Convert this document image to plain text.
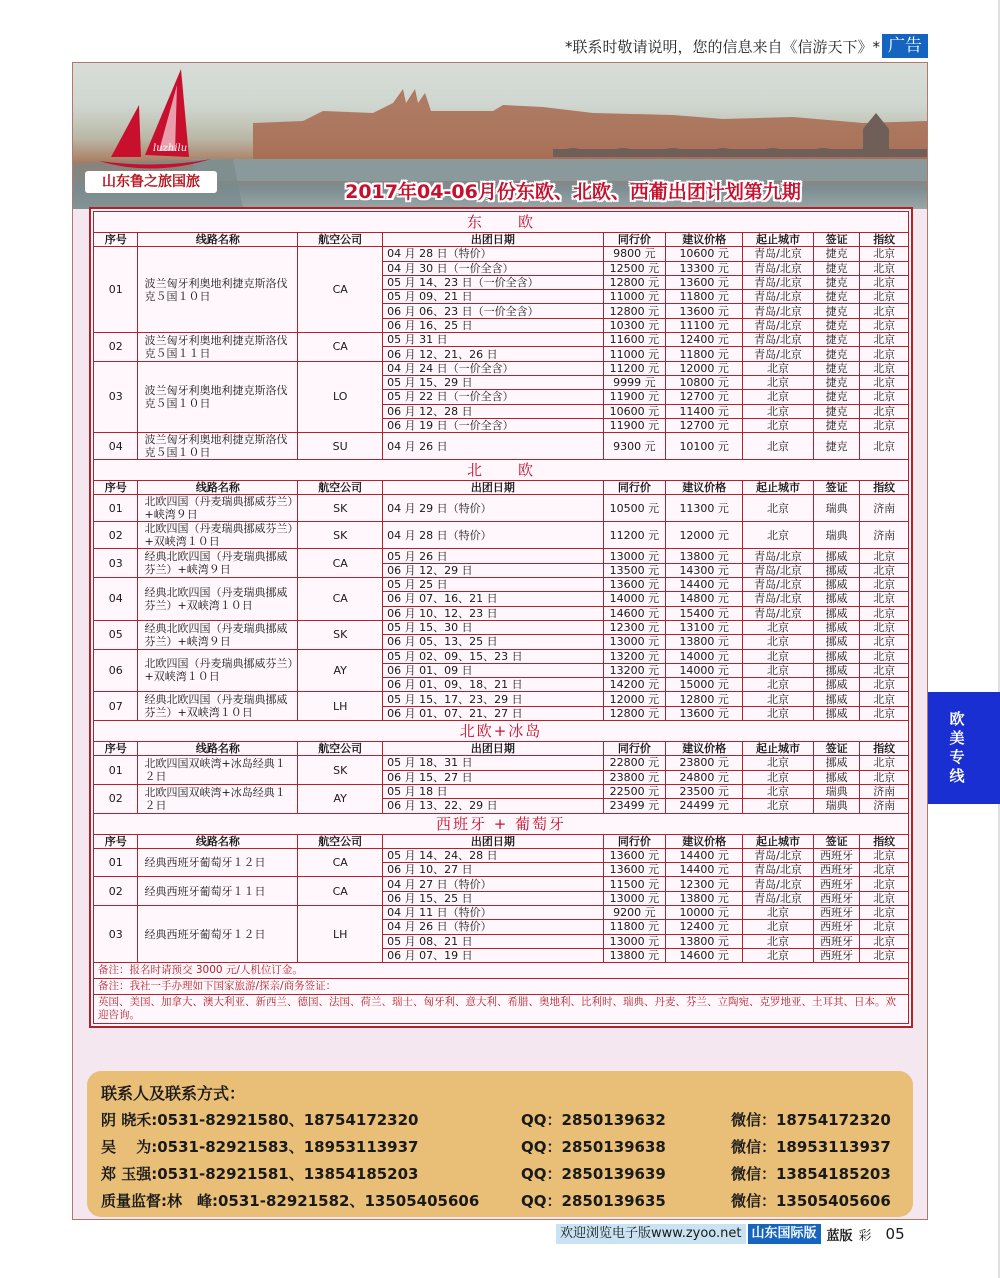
*联系时敬请说明，您的信息来自《信游天下》* 广告
luzhilu
山东鲁之旅国旅	2017年04-06月份东欧、北欧、西葡出团计划第九期
东　　欧								
序号	线路名称	航空公司	出团日期	同行价	建议价格	起止城市	签证	指纹
01	波兰匈牙利奥地利捷克斯洛伐克５国１０日	CA	04 月 28 日（特价）	9800 元	10600 元	青岛/北京	捷克	北京
			04 月 30 日（一价全含）	12500 元	13300 元	青岛/北京	捷克	北京
			05 月 14、23 日（一价全含）	12800 元	13600 元	青岛/北京	捷克	北京
			05 月 09、21 日	11000 元	11800 元	青岛/北京	捷克	北京
			06 月 06、23 日（一价全含）	12800 元	13600 元	青岛/北京	捷克	北京
			06 月 16、25 日	10300 元	11100 元	青岛/北京	捷克	北京
02	波兰匈牙利奥地利捷克斯洛伐克５国１１日	CA	05 月 31 日	11600 元	12400 元	青岛/北京	捷克	北京
			06 月 12、21、26 日	11000 元	11800 元	青岛/北京	捷克	北京
03	波兰匈牙利奥地利捷克斯洛伐克５国１０日	LO	04 月 24 日（一价全含）	11200 元	12000 元	北京	捷克	北京
			05 月 15、29 日	9999 元	10800 元	北京	捷克	北京
			05 月 22 日（一价全含）	11900 元	12700 元	北京	捷克	北京
			06 月 12、28 日	10600 元	11400 元	北京	捷克	北京
			06 月 19 日（一价全含）	11900 元	12700 元	北京	捷克	北京
04	波兰匈牙利奥地利捷克斯洛伐克５国１０日	SU	04 月 26 日	9300 元	10100 元	北京	捷克	北京
北　　欧								
序号	线路名称	航空公司	出团日期	同行价	建议价格	起止城市	签证	指纹
01	北欧四国（丹麦瑞典挪威芬兰）+峡湾９日	SK	04 月 29 日（特价）	10500 元	11300 元	北京	瑞典	济南
02	北欧四国（丹麦瑞典挪威芬兰）+双峡湾１０日	SK	04 月 28 日（特价）	11200 元	12000 元	北京	瑞典	济南
03	经典北欧四国（丹麦瑞典挪威芬兰）+峡湾９日	CA	05 月 26 日	13000 元	13800 元	青岛/北京	挪威	北京
			06 月 12、29 日	13500 元	14300 元	青岛/北京	挪威	北京
04	经典北欧四国（丹麦瑞典挪威芬兰）+双峡湾１０日	CA	05 月 25 日	13600 元	14400 元	青岛/北京	挪威	北京
			06 月 07、16、21 日	14000 元	14800 元	青岛/北京	挪威	北京
			06 月 10、12、23 日	14600 元	15400 元	青岛/北京	挪威	北京
05	经典北欧四国（丹麦瑞典挪威芬兰）+峡湾９日	SK	05 月 15、30 日	12300 元	13100 元	北京	挪威	北京
			06 月 05、13、25 日	13000 元	13800 元	北京	挪威	北京
06	北欧四国（丹麦瑞典挪威芬兰）+双峡湾１０日	AY	05 月 02、09、15、23 日	13200 元	14000 元	北京	挪威	北京
			06 月 01、09 日	13200 元	14000 元	北京	挪威	北京
			06 月 01、09、18、21 日	14200 元	15000 元	北京	挪威	北京
07	经典北欧四国（丹麦瑞典挪威芬兰）+双峡湾１０日	LH	05 月 15、17、23、29 日	12000 元	12800 元	北京	挪威	北京
			06 月 01、07、21、27 日	12800 元	13600 元	北京	挪威	北京
北欧+冰岛								
序号	线路名称	航空公司	出团日期	同行价	建议价格	起止城市	签证	指纹
01	北欧四国双峡湾+冰岛经典１２日	SK	05 月 18、31 日	22800 元	23800 元	北京	挪威	北京
			06 月 15、27 日	23800 元	24800 元	北京	挪威	北京
02	北欧四国双峡湾+冰岛经典１２日	AY	05 月 18 日	22500 元	23500 元	北京	瑞典	济南
			06 月 13、22、29 日	23499 元	24499 元	北京	瑞典	济南
西班牙 + 葡萄牙								
序号	线路名称	航空公司	出团日期	同行价	建议价格	起止城市	签证	指纹
01	经典西班牙葡萄牙１２日	CA	05 月 14、24、28 日	13600 元	14400 元	青岛/北京	西班牙	北京
			06 月 10、27 日	13600 元	14400 元	青岛/北京	西班牙	北京
02	经典西班牙葡萄牙１１日	CA	04 月 27 日（特价）	11500 元	12300 元	青岛/北京	西班牙	北京
			06 月 15、25 日	13000 元	13800 元	青岛/北京	西班牙	北京
03	经典西班牙葡萄牙１２日	LH	04 月 11 日（特价）	9200 元	10000 元	北京	西班牙	北京
			04 月 26 日（特价）	11800 元	12400 元	北京	西班牙	北京
			05 月 08、21 日	13000 元	13800 元	北京	西班牙	北京
			06 月 07、19 日	13800 元	14600 元	北京	西班牙	北京
备注：报名时请预交 3000 元/人机位订金。								
备注：我社一手办理如下国家旅游/探亲/商务签证：								
英国、美国、加拿大、澳大利亚、新西兰、德国、法国、荷兰、瑞士、匈牙利、意大利、希腊、奥地利、比利时、瑞典、丹麦、芬兰、立陶宛、克罗地亚、土耳其、日本。欢迎咨询。								
联系人及联系方式：
阴 晓禾:0531-82921580、18754172320	QQ：2850139632	微信：18754172320
吴　 为:0531-82921583、18953113937	QQ：2850139638	微信：18953113937
郑 玉强:0531-82921581、13854185203	QQ：2850139639	微信：13854185203
质量监督:林　峰:0531-82921582、13505405606	QQ：2850139635	微信：13505405606
欧美专线
欢迎浏览电子版www.zyoo.net 山东国际版 蓝版 彩 05
